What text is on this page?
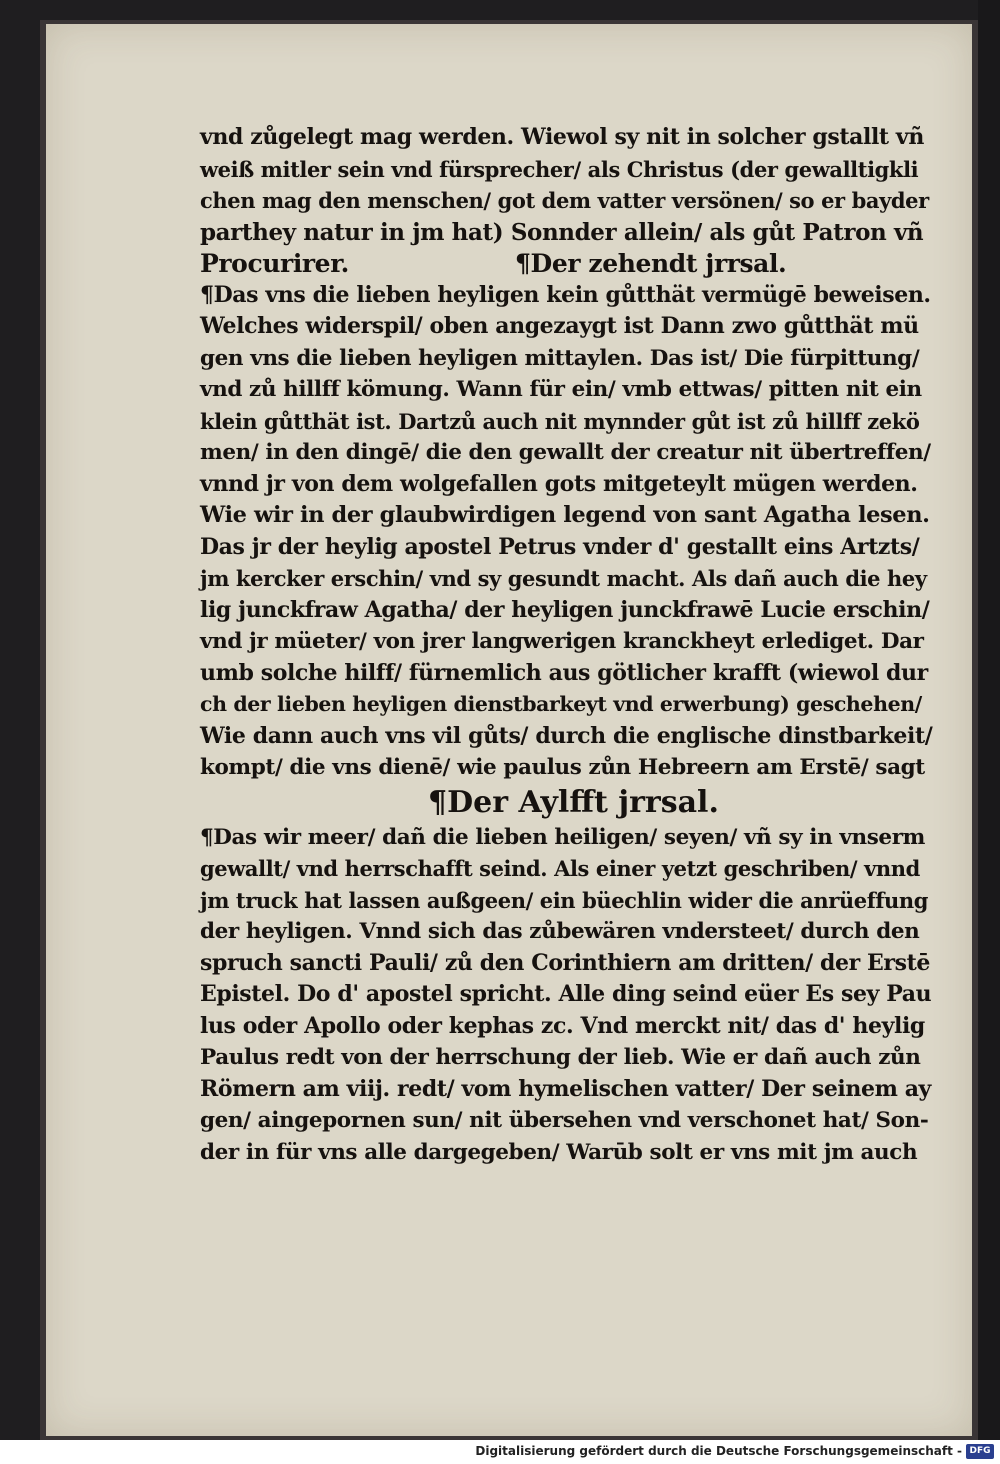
vnd zůgelegt mag werden. Wiewol sy nit in solcher gstallt vñ
weiß mitler sein vnd fürsprecher/ als Christus (der gewalltigkli
chen mag den menschen/ got dem vatter versönen/ so er bayder
parthey natur in jm hat) Sonnder allein/ als gůt Patron vñ
Procurirer.                    ¶Der zehendt jrrsal.
¶Das vns die lieben heyligen kein gůtthät vermügē beweisen.
Welches widerspil/ oben angezaygt ist Dann zwo gůtthät mü
gen vns die lieben heyligen mittaylen. Das ist/ Die fürpittung/
vnd zů hillff kömung. Wann für ein/ vmb ettwas/ pitten nit ein
klein gůtthät ist. Dartzů auch nit mynnder gůt ist zů hillff zekö
men/ in den dingē/ die den gewallt der creatur nit übertreffen/
vnnd jr von dem wolgefallen gots mitgeteylt mügen werden.
Wie wir in der glaubwirdigen legend von sant Agatha lesen.
Das jr der heylig apostel Petrus vnder d' gestallt eins Artzts/
jm kercker erschin/ vnd sy gesundt macht. Als dañ auch die hey
lig junckfraw Agatha/ der heyligen junckfrawē Lucie erschin/
vnd jr müeter/ von jrer langwerigen kranckheyt erlediget. Dar
umb solche hilff/ fürnemlich aus götlicher krafft (wiewol dur
ch der lieben heyligen dienstbarkeyt vnd erwerbung) geschehen/
Wie dann auch vns vil gůts/ durch die englische dinstbarkeit/
kompt/ die vns dienē/ wie paulus zůn Hebreern am Erstē/ sagt
¶Der Aylfft jrrsal.
¶Das wir meer/ dañ die lieben heiligen/ seyen/ vñ sy in vnserm
gewallt/ vnd herrschafft seind. Als einer yetzt geschriben/ vnnd
jm truck hat lassen außgeen/ ein büechlin wider die anrüeffung
der heyligen. Vnnd sich das zůbewären vndersteet/ durch den
spruch sancti Pauli/ zů den Corinthiern am dritten/ der Erstē
Epistel. Do d' apostel spricht. Alle ding seind eüer Es sey Pau
lus oder Apollo oder kephas zc. Vnd merckt nit/ das d' heylig
Paulus redt von der herrschung der lieb. Wie er dañ auch zůn
Römern am viij. redt/ vom hymelischen vatter/ Der seinem ay
gen/ aingepornen sun/ nit übersehen vnd verschonet hat/ Son-
der in für vns alle dargegeben/ Warūb solt er vns mit jm auch
Digitalisierung gefördert durch die Deutsche Forschungsgemeinschaft - DFG
